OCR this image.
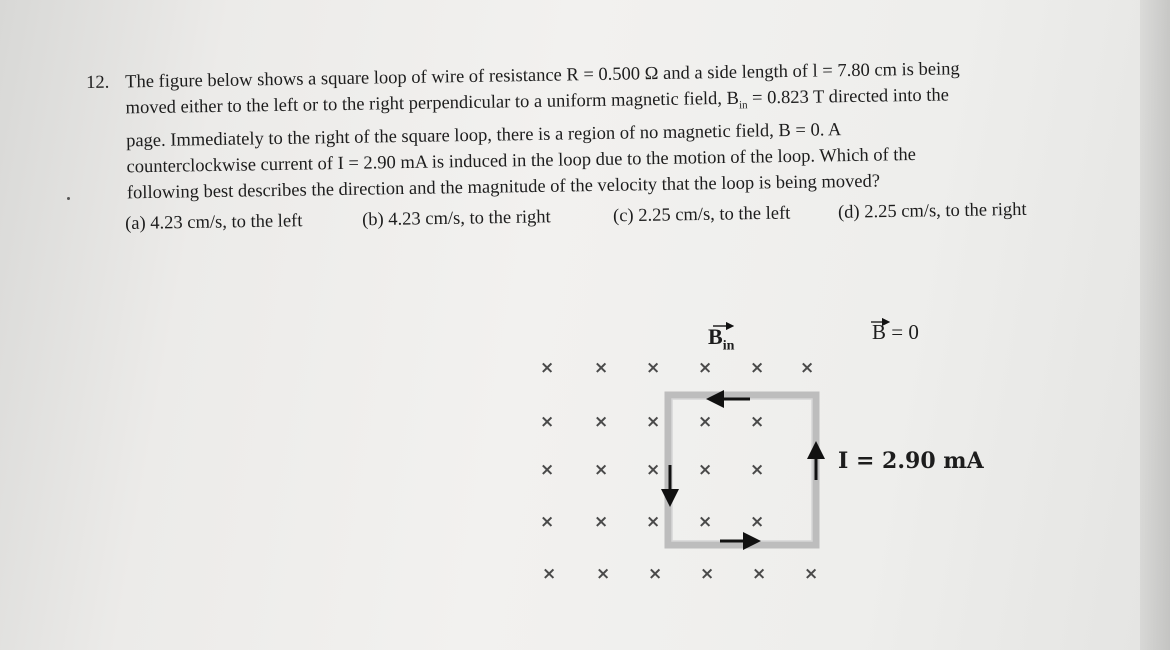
12. The figure below shows a square loop of wire of resistance R = 0.500 Ω and a side length of l = 7.80 cm is being
moved either to the left or to the right perpendicular to a uniform magnetic field, $B_{in} = 0.823$ T directed into the
page. Immediately to the right of the square loop, there is a region of no magnetic field, B = 0. A
counterclockwise current of I = 2.90 mA is induced in the loop due to the motion of the loop. Which of the
following best describes the direction and the magnitude of the velocity that the loop is being moved?
(a) 4.23 cm/s, to the left	(b) 4.23 cm/s, to the right	(c) 2.25 cm/s, to the left	(d) 2.25 cm/s, to the right
$B_{in}$
B = 0
I = 2.90 mA
× × × × × ×
× × × × ×
× × × × ×
× × × × ×
× × × × × ×
